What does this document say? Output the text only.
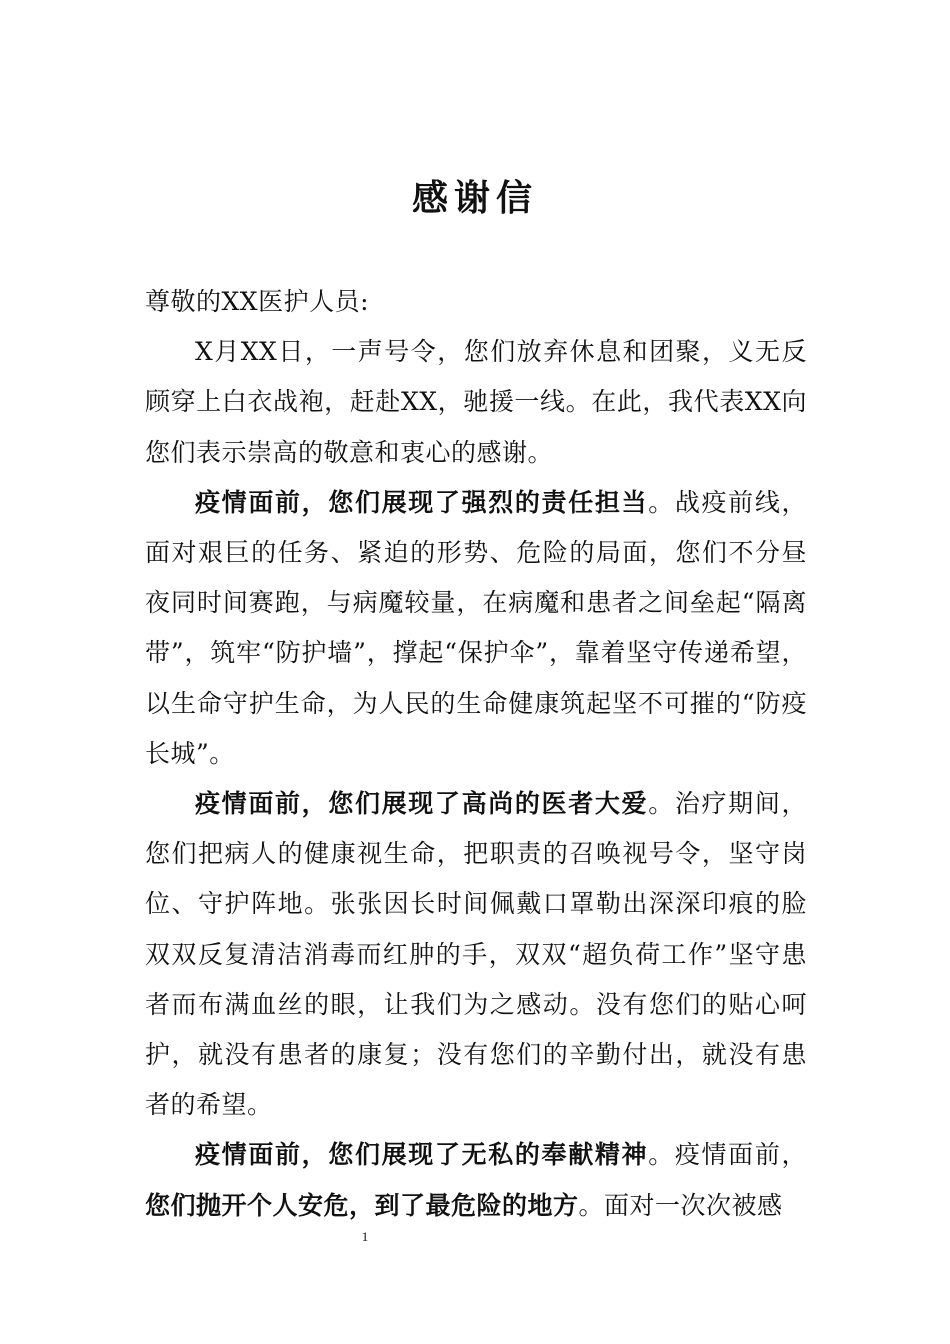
感谢信

尊敬的XX医护人员:

X月XX日，一声号令，您们放弃休息和团聚，义无反顾穿上白衣战袍，赶赴XX，驰援一线。在此，我代表XX向您们表示崇高的敬意和衷心的感谢。

疫情面前，您们展现了强烈的责任担当。战疫前线，面对艰巨的任务、紧迫的形势、危险的局面，您们不分昼夜同时间赛跑，与病魔较量，在病魔和患者之间垒起“隔离带”，筑牢“防护墙”，撑起“保护伞”，靠着坚守传递希望，以生命守护生命，为人民的生命健康筑起坚不可摧的“防疫长城”。

疫情面前，您们展现了高尚的医者大爱。治疗期间，您们把病人的健康视生命，把职责的召唤视号令，坚守岗位、守护阵地。张张因长时间佩戴口罩勒出深深印痕的脸双双反复清洁消毒而红肿的手，双双“超负荷工作”坚守患者而布满血丝的眼，让我们为之感动。没有您们的贴心呵护，就没有患者的康复；没有您们的辛勤付出，就没有患者的希望。

疫情面前，您们展现了无私的奉献精神。疫情面前，您们抛开个人安危，到了最危险的地方。面对一次次被感

1
